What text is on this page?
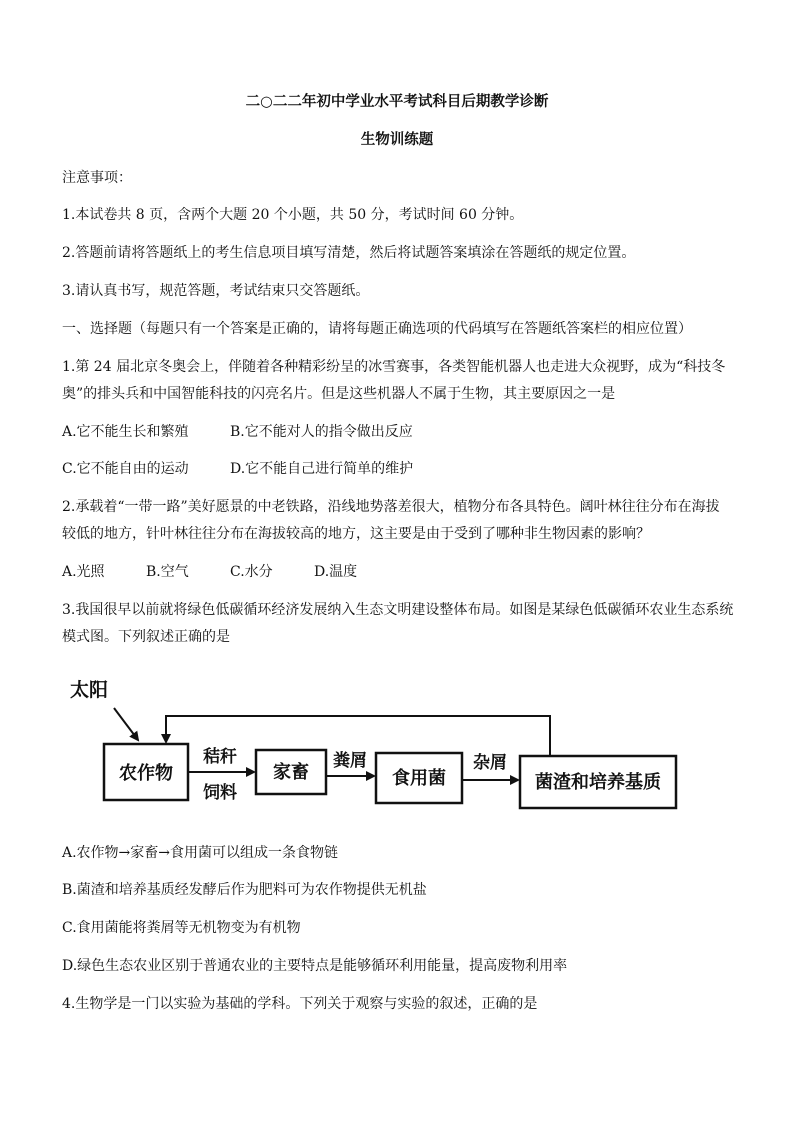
二○二二年初中学业水平考试科目后期教学诊断
生物训练题
注意事项：
1.本试卷共 8 页，含两个大题 20 个小题，共 50 分，考试时间 60 分钟。
2.答题前请将答题纸上的考生信息项目填写清楚，然后将试题答案填涂在答题纸的规定位置。
3.请认真书写，规范答题，考试结束只交答题纸。
一、选择题（每题只有一个答案是正确的，请将每题正确选项的代码填写在答题纸答案栏的相应位置）
1.第 24 届北京冬奥会上，伴随着各种精彩纷呈的冰雪赛事，各类智能机器人也走进大众视野，成为“科技冬
奥”的排头兵和中国智能科技的闪亮名片。但是这些机器人不属于生物，其主要原因之一是
A.它不能生长和繁殖	B.它不能对人的指令做出反应
C.它不能自由的运动	D.它不能自己进行简单的维护
2.承载着“一带一路”美好愿景的中老铁路，沿线地势落差很大，植物分布各具特色。阔叶林往往分布在海拔
较低的地方，针叶林往往分布在海拔较高的地方，这主要是由于受到了哪种非生物因素的影响？
A.光照	B.空气	C.水分	D.温度
3.我国很早以前就将绿色低碳循环经济发展纳入生态文明建设整体布局。如图是某绿色低碳循环农业生态系统
模式图。下列叙述正确的是
太阳
农作物	家畜	食用菌	菌渣和培养基质
秸秆
饲料
粪屑	杂屑
A.农作物→家畜→食用菌可以组成一条食物链
B.菌渣和培养基质经发酵后作为肥料可为农作物提供无机盐
C.食用菌能将粪屑等无机物变为有机物
D.绿色生态农业区别于普通农业的主要特点是能够循环利用能量，提高废物利用率
4.生物学是一门以实验为基础的学科。下列关于观察与实验的叙述，正确的是
